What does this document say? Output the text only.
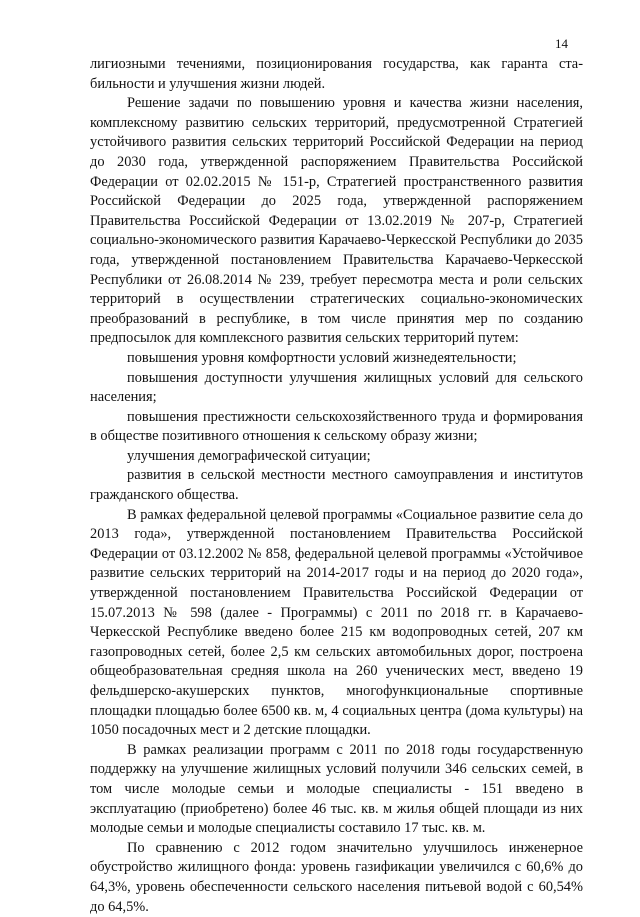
14

лигиозными течениями, позиционирования государства, как гаранта стабильности и улучшения жизни людей.

Решение задачи по повышению уровня и качества жизни населения, комплексному развитию сельских территорий, предусмотренной Стратегией устойчивого развития сельских территорий Российской Федерации на период до 2030 года, утвержденной распоряжением Правительства Российской Федерации от 02.02.2015 № 151-р, Стратегией пространственного развития Российской Федерации до 2025 года, утвержденной распоряжением Правительства Российской Федерации от 13.02.2019 № 207-р, Стратегией социально-экономического развития Карачаево-Черкесской Республики до 2035 года, утвержденной постановлением Правительства Карачаево-Черкесской Республики от 26.08.2014 № 239, требует пересмотра места и роли сельских территорий в осуществлении стратегических социально-экономических преобразований в республике, в том числе принятия мер по созданию предпосылок для комплексного развития сельских территорий путем:

повышения уровня комфортности условий жизнедеятельности;

повышения доступности улучшения жилищных условий для сельского населения;

повышения престижности сельскохозяйственного труда и формирования в обществе позитивного отношения к сельскому образу жизни;

улучшения демографической ситуации;

развития в сельской местности местного самоуправления и институтов гражданского общества.

В рамках федеральной целевой программы «Социальное развитие села до 2013 года», утвержденной постановлением Правительства Российской Федерации от 03.12.2002 № 858, федеральной целевой программы «Устойчивое развитие сельских территорий на 2014-2017 годы и на период до 2020 года», утвержденной постановлением Правительства Российской Федерации от 15.07.2013 № 598 (далее - Программы) с 2011 по 2018 гг. в Карачаево-Черкесской Республике введено более 215 км водопроводных сетей, 207 км газопроводных сетей, более 2,5 км сельских автомобильных дорог, построена общеобразовательная средняя школа на 260 ученических мест, введено 19 фельдшерско-акушерских пунктов, многофункциональные спортивные площадки площадью более 6500 кв. м, 4 социальных центра (дома культуры) на 1050 посадочных мест и 2 детские площадки.

В рамках реализации программ с 2011 по 2018 годы государственную поддержку на улучшение жилищных условий получили 346 сельских семей, в том числе молодые семьи и молодые специалисты - 151 введено в эксплуатацию (приобретено) более 46 тыс. кв. м жилья общей площади из них молодые семьи и молодые специалисты составило 17 тыс. кв. м.

По сравнению с 2012 годом значительно улучшилось инженерное обустройство жилищного фонда: уровень газификации увеличился с 60,6% до 64,3%, уровень обеспеченности сельского населения питьевой водой с 60,54% до 64,5%.
